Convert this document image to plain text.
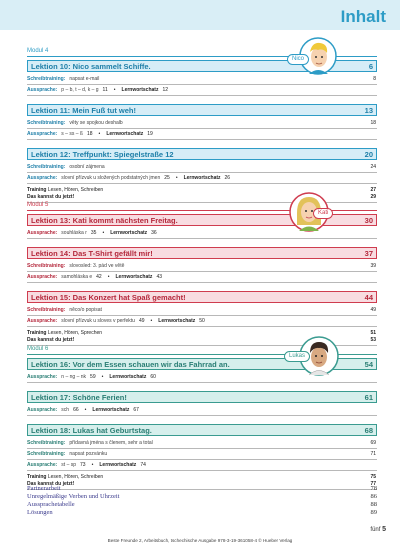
Inhalt
Modul 4
Lektion 10: Nico sammelt Schiffe.	6
Schreibtraining: napsat e-mail	8
Aussprache: p – b, t – d, k – g 11 • Lernwortschatz 12
Lektion 11: Mein Fuß tut weh!	13
Schreibtraining: věty se spojkou deshalb	18
Aussprache: s – ss – ß 18 • Lernwortschatz 19
Lektion 12: Treffpunkt: Spiegelstraße 12	20
Schreibtraining: osobní zájmena	24
Aussprache: slovní přízvuk u složených podstatných jmen 25 • Lernwortschatz 26
Training Lesen, Hören, Schreiben	27
Das kannst du jetzt!	29
Nico
Modul 5
Lektion 13: Kati kommt nächsten Freitag.	30
Aussprache: souhláska r 35 • Lernwortschatz 36
Lektion 14: Das T-Shirt gefällt mir!	37
Schreibtraining: slovosled: 3. pád ve větě	39
Aussprache: samohláska e 42 • Lernwortschatz 43
Lektion 15: Das Konzert hat Spaß gemacht!	44
Schreibtraining: něco/o popisat	49
Aussprache: slovní přízvuk u sloves v perfektu 49 • Lernwortschatz 50
Training Lesen, Hören, Sprechen	51
Das kannst du jetzt!	53
Kati
Modul 6
Lektion 16: Vor dem Essen schauen wir das Fahrrad an.	54
Aussprache: n – ng – nk 59 • Lernwortschatz 60
Lektion 17: Schöne Ferien!	61
Aussprache: sch 66 • Lernwortschatz 67
Lektion 18: Lukas hat Geburtstag.	68
Schreibtraining: přídavná jména s členem, sehr a total	69
Schreibtraining: napsat pozvánku	71
Aussprache: st – sp 73 • Lernwortschatz 74
Training Lesen, Hören, Schreiben	75
Das kannst du jetzt!	77
Lukas
Partnerarbeit	78
Unregelmäßige Verben und Uhrzeit	86
Aussprachetabelle	88
Lösungen	89
fünf 5
Beste Freunde 2, Arbeitsbuch, tschechische Ausgabe 978-3-19-361058-4 © Hueber Verlag
